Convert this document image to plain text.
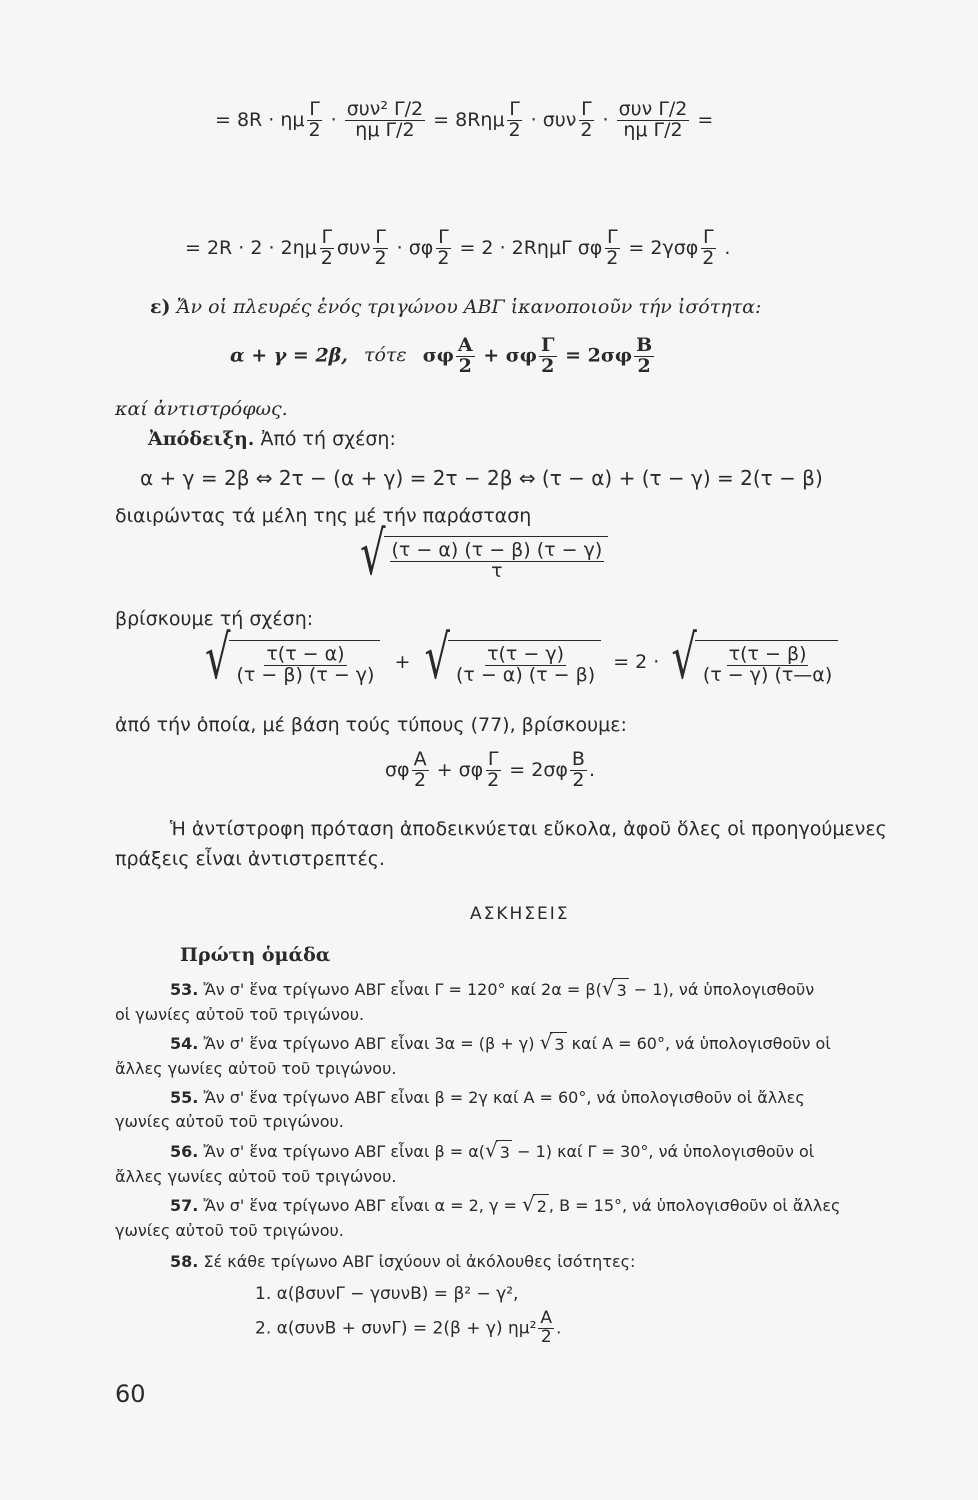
= 8R · ημ $\frac{\Gamma}{2} \cdot \frac{\text{συν² Γ/2}}{\text{ημ Γ/2}} = 8R\eta\mu \frac{\Gamma}{2} \cdot \sigma\upsilon\nu \frac{\Gamma}{2} \cdot \frac{\text{συν Γ/2}}{\text{ημ Γ/2}}$ =
= $2R \cdot 2 \cdot 2\eta\mu \frac{\Gamma}{2}$ συν $\frac{\Gamma}{2} \cdot \sigma\varphi \frac{\Gamma}{2} = 2 \cdot 2R\eta\mu\Gamma$ σφ $\frac{\Gamma}{2} = 2\gamma\sigma\varphi \frac{\Gamma}{2}$ .
ε) Ἄν οἱ πλευρές ἑνός τριγώνου ΑΒΓ ἱκανοποιοῦν τήν ἰσότητα:
α + γ = 2β, τότε σφ $\frac{A}{2} + \sigma\varphi \frac{\Gamma}{2} = 2\sigma\varphi \frac{B}{2}$
καί ἀντιστρόφως.
Ἀπόδειξη. Ἀπό τή σχέση:
α + γ = 2β ⇔ 2τ − (α + γ) = 2τ − 2β ⇔ (τ − α) + (τ − γ) = 2(τ − β)
διαιρώντας τά μέλη της μέ τήν παράσταση
√ $\frac{(\tau - \alpha) (\tau - \beta) (\tau - \gamma)}{\tau}$
βρίσκουμε τή σχέση:
√ $\frac{\tau(\tau - \alpha)}{(\tau - \beta) (\tau - \gamma)}$ + √ $\frac{\tau(\tau - \gamma)}{(\tau - \alpha) (\tau - \beta)} = 2$ · √ $\frac{\tau(\tau - \beta)}{(\tau - \gamma) (\tau—\alpha)}$
ἀπό τήν ὁποία, μέ βάση τούς τύπους (77), βρίσκουμε:
σφ $\frac{A}{2} + \sigma\varphi \frac{\Gamma}{2} = 2\sigma\varphi \frac{B}{2}$ .
Ἡ ἀντίστροφη πρόταση ἀποδεικνύεται εὔκολα, ἀφοῦ ὅλες οἱ προηγούμενες
πράξεις εἶναι ἀντιστρεπτές.
ΑΣΚΗΣΕΙΣ
Πρώτη ὁμάδα
53. Ἄν σ' ἕνα τρίγωνο ΑΒΓ εἶναι Γ = 120° καί 2α = β( √ 3 − 1), νά ὑπολογισθοῦν
οἱ γωνίες αὐτοῦ τοῦ τριγώνου.
54. Ἄν σ' ἕνα τρίγωνο ΑΒΓ εἶναι 3α = (β + γ) √ 3 καί Α = 60°, νά ὑπολογισθοῦν οἱ
ἄλλες γωνίες αὐτοῦ τοῦ τριγώνου.
55. Ἄν σ' ἕνα τρίγωνο ΑΒΓ εἶναι β = 2γ καί Α = 60°, νά ὑπολογισθοῦν οἱ ἄλλες
γωνίες αὐτοῦ τοῦ τριγώνου.
56. Ἄν σ' ἕνα τρίγωνο ΑΒΓ εἶναι β = α( √ 3 − 1) καί Γ = 30°, νά ὑπολογισθοῦν οἱ
ἄλλες γωνίες αὐτοῦ τοῦ τριγώνου.
57. Ἄν σ' ἕνα τρίγωνο ΑΒΓ εἶναι α = 2, γ = √ 2 , Β = 15°, νά ὑπολογισθοῦν οἱ ἄλλες
γωνίες αὐτοῦ τοῦ τριγώνου.
58. Σέ κάθε τρίγωνο ΑΒΓ ἰσχύουν οἱ ἀκόλουθες ἰσότητες:
1. α(βσυνΓ − γσυνΒ) = β² − γ²,
2. α(συνΒ + συνΓ) = 2(β + γ) $\eta\mu^2 \frac{A}{2}$ .
60
